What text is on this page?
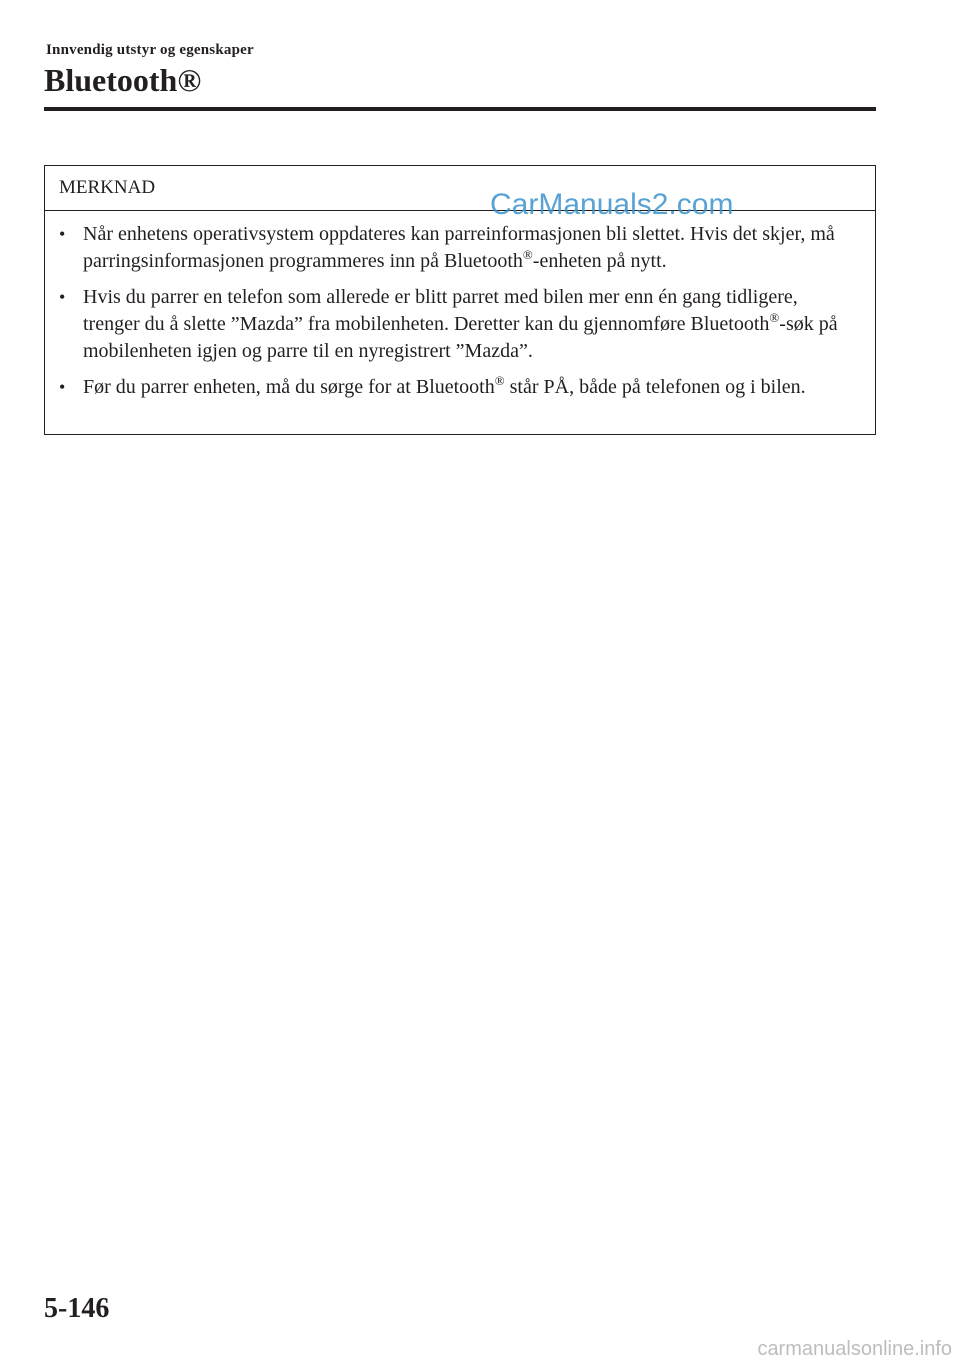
Innvendig utstyr og egenskaper
Bluetooth®
MERKNAD
• Når enhetens operativsystem oppdateres kan parreinformasjonen bli slettet. Hvis det skjer, må parringsinformasjonen programmeres inn på Bluetooth®-enheten på nytt.
• Hvis du parrer en telefon som allerede er blitt parret med bilen mer enn én gang tidligere, trenger du å slette ”Mazda” fra mobilenheten. Deretter kan du gjennomføre Bluetooth®-søk på mobilenheten igjen og parre til en nyregistrert ”Mazda”.
• Før du parrer enheten, må du sørge for at Bluetooth® står PÅ, både på telefonen og i bilen.
CarManuals2.com
5-146
carmanualsonline.info
